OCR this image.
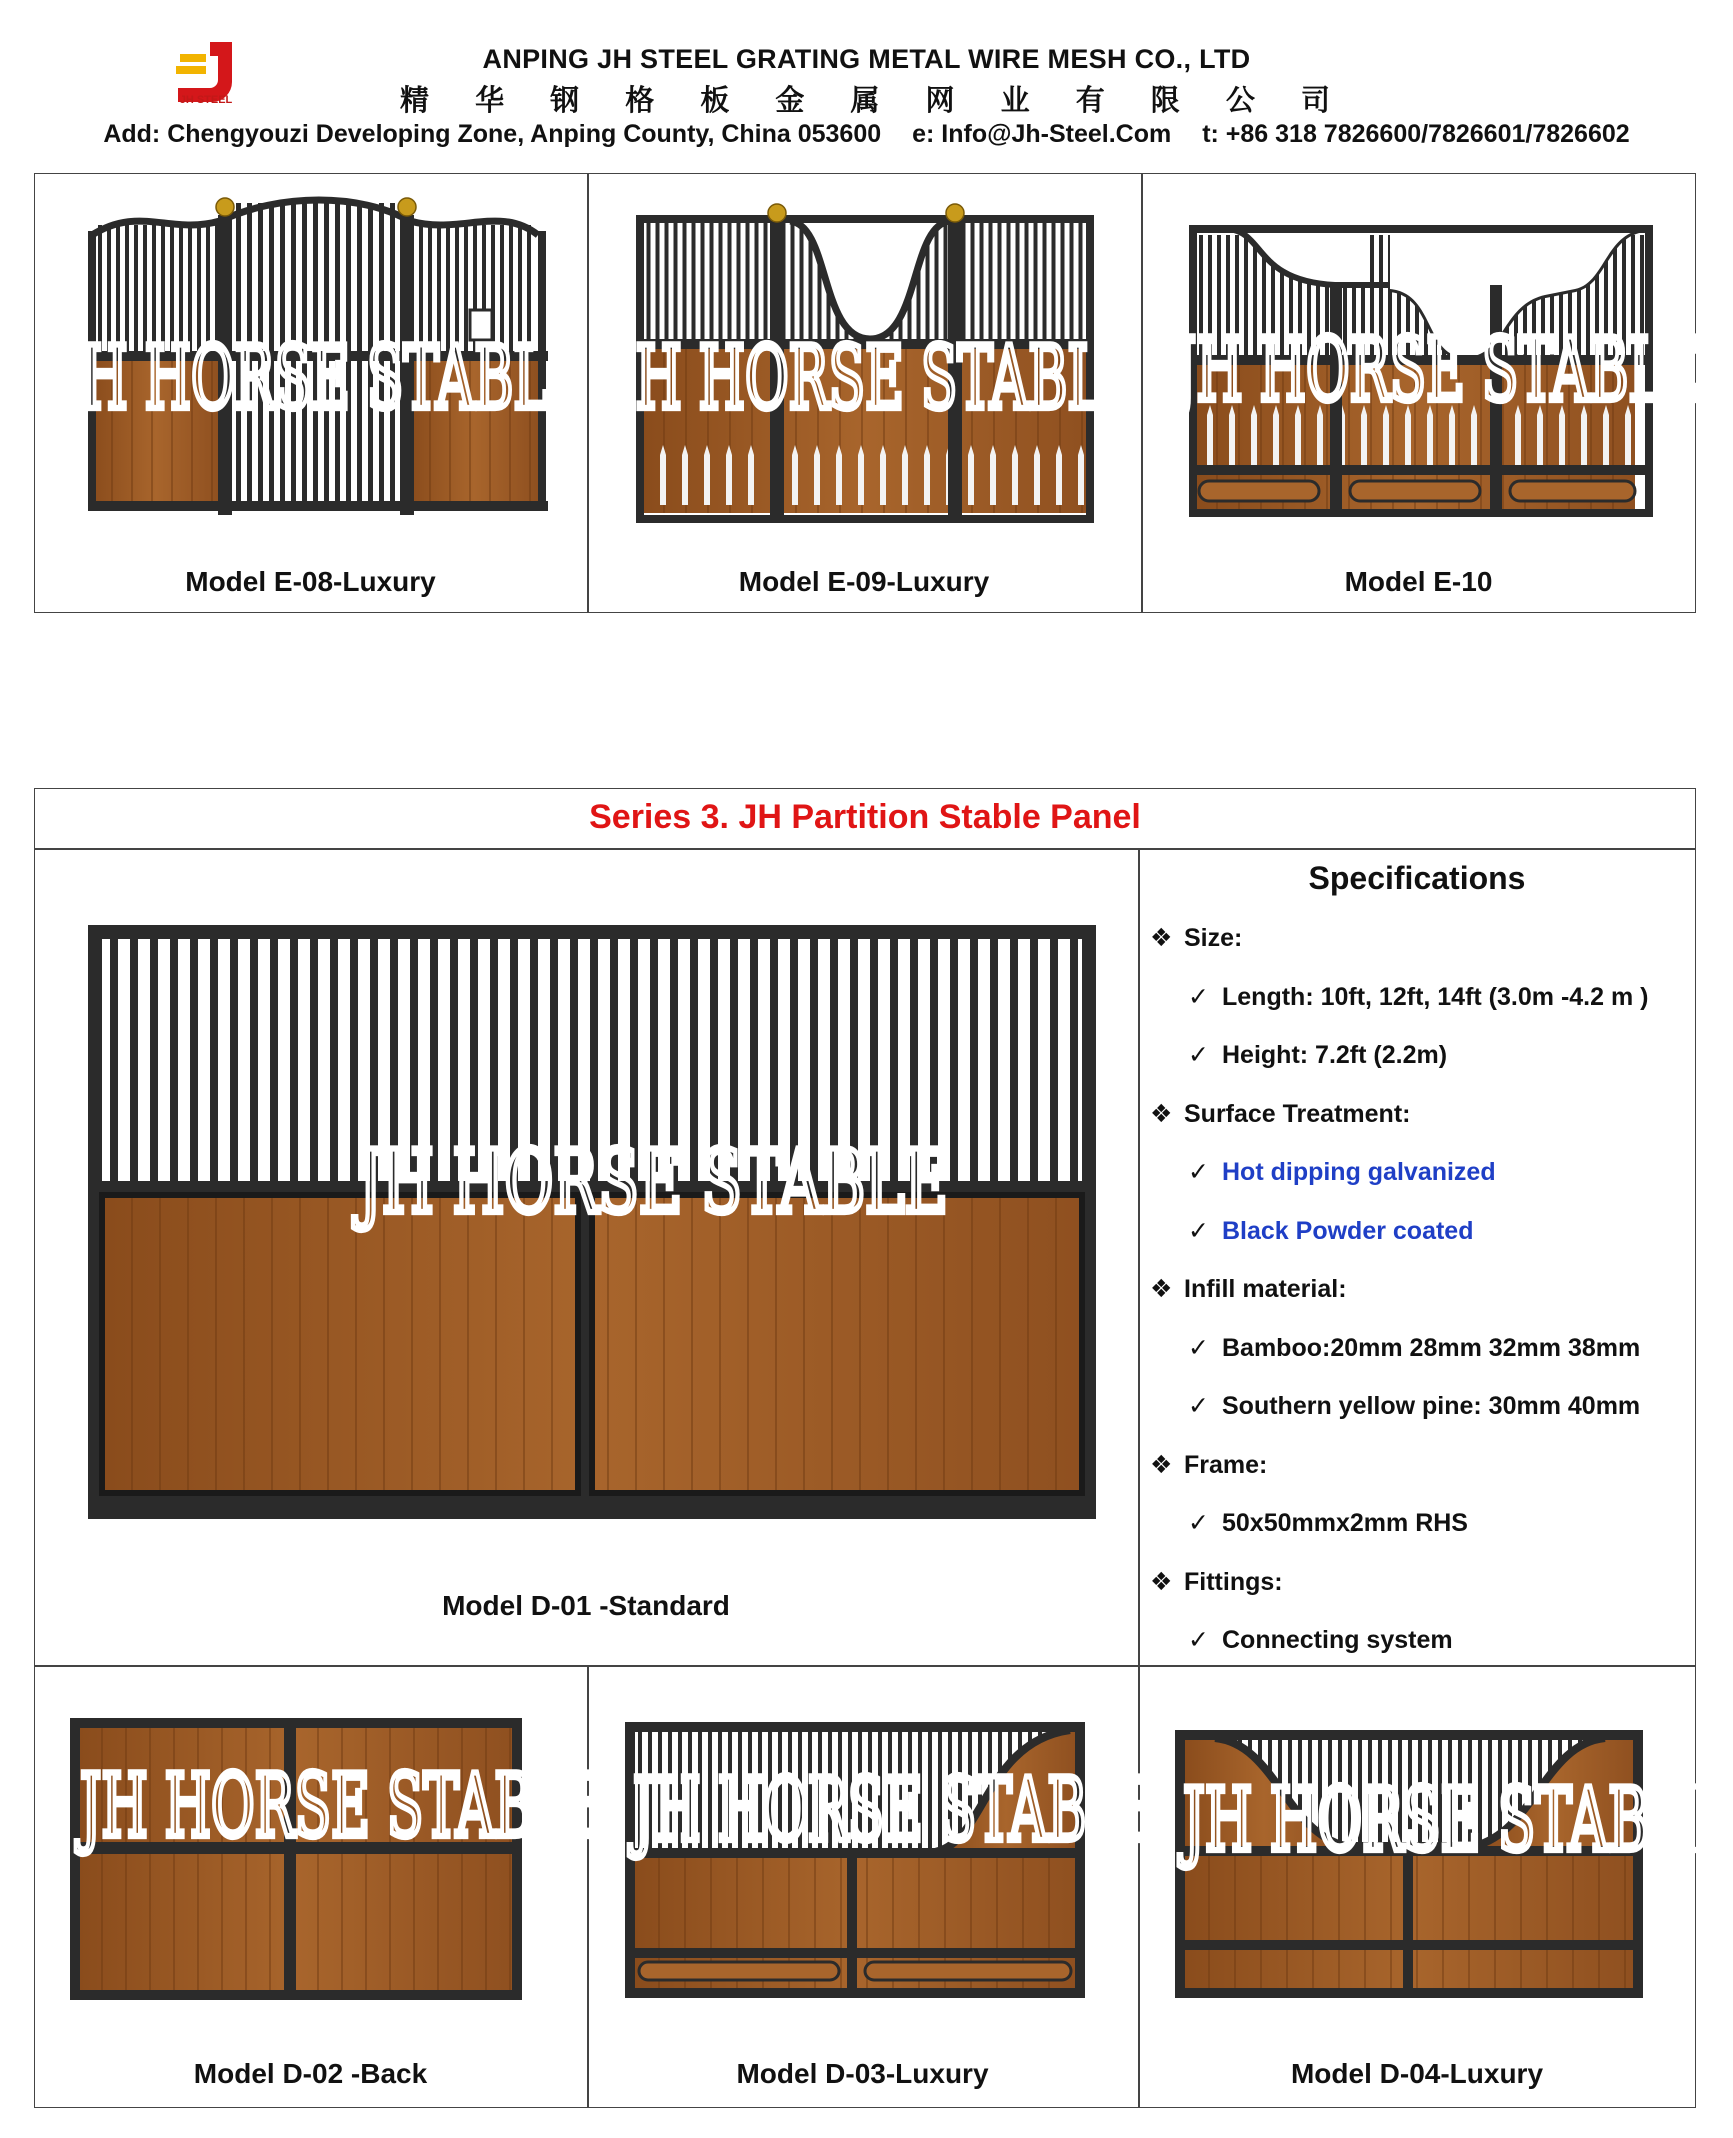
JH STEEL
ANPING JH STEEL GRATING METAL WIRE MESH CO., LTD
精 华 钢 格 板 金 属 网 业 有 限 公 司
Add: Chengyouzi Developing Zone, Anping County, China 053600 e: Info@Jh-Steel.Com t: +86 318 7826600/7826601/7826602
JH HORSE STABLE JH HORSE STABLE JH HORSE STABLE
Model E-08-Luxury	Model E-09-Luxury	Model E-10
Series 3. JH Partition Stable Panel
JH HORSE STABLE
Model D-01 -Standard
Specifications
❖ Size:
✓ Length: 10ft, 12ft, 14ft (3.0m -4.2 m )
✓ Height: 7.2ft (2.2m)
❖ Surface Treatment:
✓ Hot dipping galvanized
✓ Black Powder coated
❖ Infill material:
✓ Bamboo:20mm 28mm 32mm 38mm
✓ Southern yellow pine: 30mm 40mm
❖ Frame:
✓ 50x50mmx2mm RHS
❖ Fittings:
✓ Connecting system
JH HORSE STABLE JH HORSE STABLE JH HORSE STABLE
Model D-02 -Back	Model D-03-Luxury	Model D-04-Luxury
